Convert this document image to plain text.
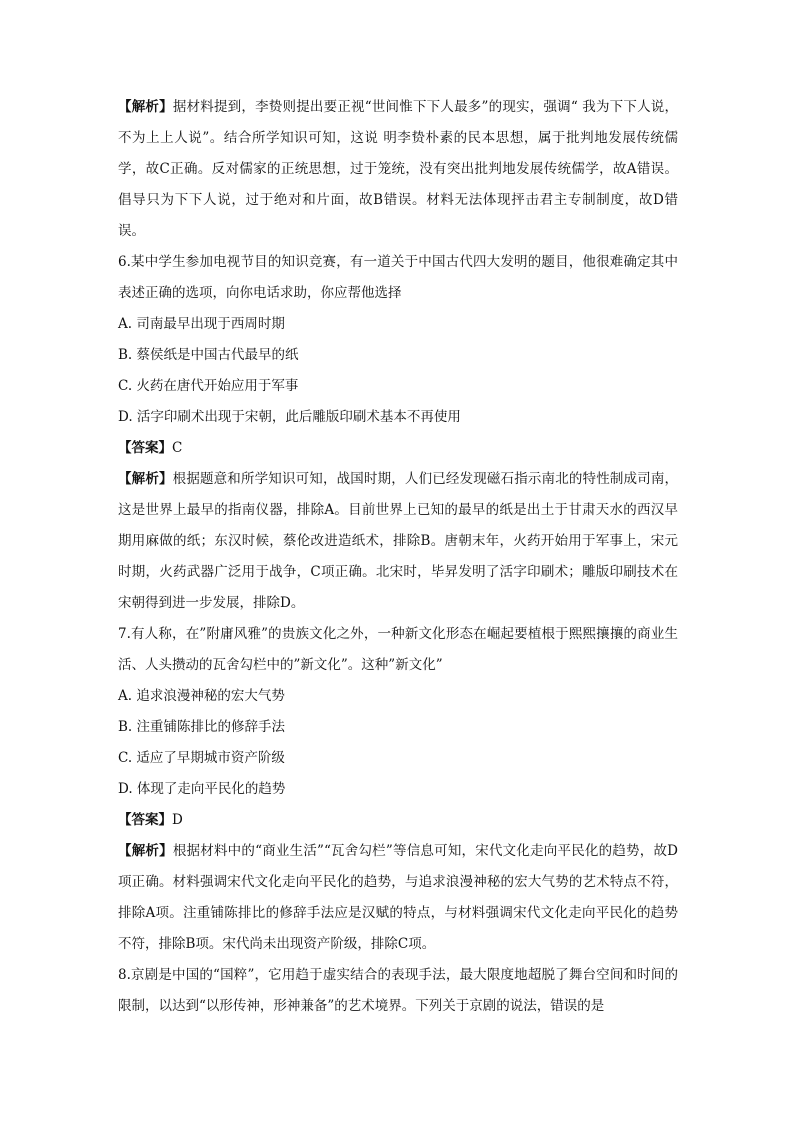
【解析】据材料提到，李贽则提出要正视“世间惟下下人最多”的现实，强调“ 我为下下人说，不为上上人说”。结合所学知识可知，这说 明李贽朴素的民本思想，属于批判地发展传统儒学，故C正确。反对儒家的正统思想，过于笼统，没有突出批判地发展传统儒学，故A错误。倡导只为下下人说，过于绝对和片面，故B错误。材料无法体现抨击君主专制制度，故D错误。

6.某中学生参加电视节目的知识竞赛，有一道关于中国古代四大发明的题目，他很难确定其中表述正确的选项，向你电话求助，你应帮他选择

A. 司南最早出现于西周时期

B. 蔡侯纸是中国古代最早的纸

C. 火药在唐代开始应用于军事

D. 活字印刷术出现于宋朝，此后雕版印刷术基本不再使用

【答案】C

【解析】根据题意和所学知识可知，战国时期，人们已经发现磁石指示南北的特性制成司南，这是世界上最早的指南仪器，排除A。目前世界上已知的最早的纸是出土于甘肃天水的西汉早期用麻做的纸；东汉时候，蔡伦改进造纸术，排除B。唐朝末年，火药开始用于军事上，宋元时期，火药武器广泛用于战争，C项正确。北宋时，毕昇发明了活字印刷术；雕版印刷技术在宋朝得到进一步发展，排除D。

7.有人称，在”附庸风雅”的贵族文化之外，一种新文化形态在崛起要植根于熙熙攘攘的商业生活、人头攒动的瓦舍勾栏中的”新文化”。这种”新文化”

A. 追求浪漫神秘的宏大气势

B. 注重铺陈排比的修辞手法

C. 适应了早期城市资产阶级

D. 体现了走向平民化的趋势

【答案】D

【解析】根据材料中的“商业生活”“瓦舍勾栏”等信息可知，宋代文化走向平民化的趋势，故D项正确。材料强调宋代文化走向平民化的趋势，与追求浪漫神秘的宏大气势的艺术特点不符，排除A项。注重铺陈排比的修辞手法应是汉赋的特点，与材料强调宋代文化走向平民化的趋势不符，排除B项。宋代尚未出现资产阶级，排除C项。

8.京剧是中国的“国粹”，它用趋于虚实结合的表现手法，最大限度地超脱了舞台空间和时间的限制，以达到“以形传神，形神兼备”的艺术境界。下列关于京剧的说法，错误的是
